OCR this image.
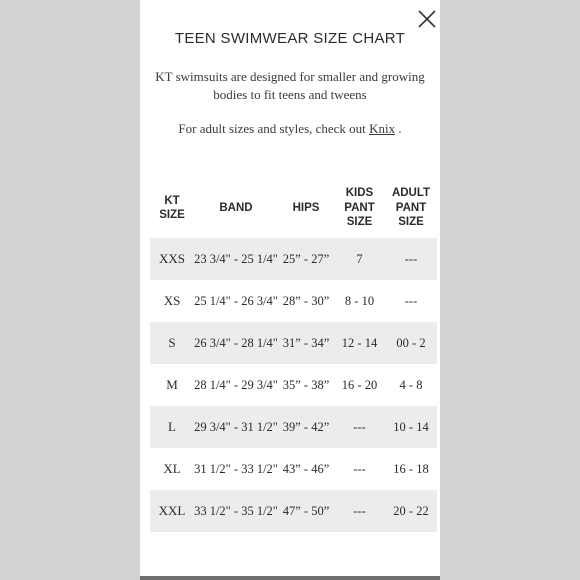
TEEN SWIMWEAR SIZE CHART
KT swimsuits are designed for smaller and growing bodies to fit teens and tweens
For adult sizes and styles, check out Knix .
KT SIZE	BAND	HIPS	KIDS PANT SIZE	ADULT PANT SIZE
XXS	23 3/4" - 25 1/4"	25” - 27”	7	---
XS	25 1/4" - 26 3/4"	28” - 30”	8 - 10	---
S	26 3/4" - 28 1/4"	31” - 34”	12 - 14	00 - 2
M	28 1/4" - 29 3/4"	35” - 38”	16 - 20	4 - 8
L	29 3/4" - 31 1/2"	39” - 42”	---	10 - 14
XL	31 1/2" - 33 1/2"	43” - 46”	---	16 - 18
XXL	33 1/2" - 35 1/2"	47” - 50”	---	20 - 22
